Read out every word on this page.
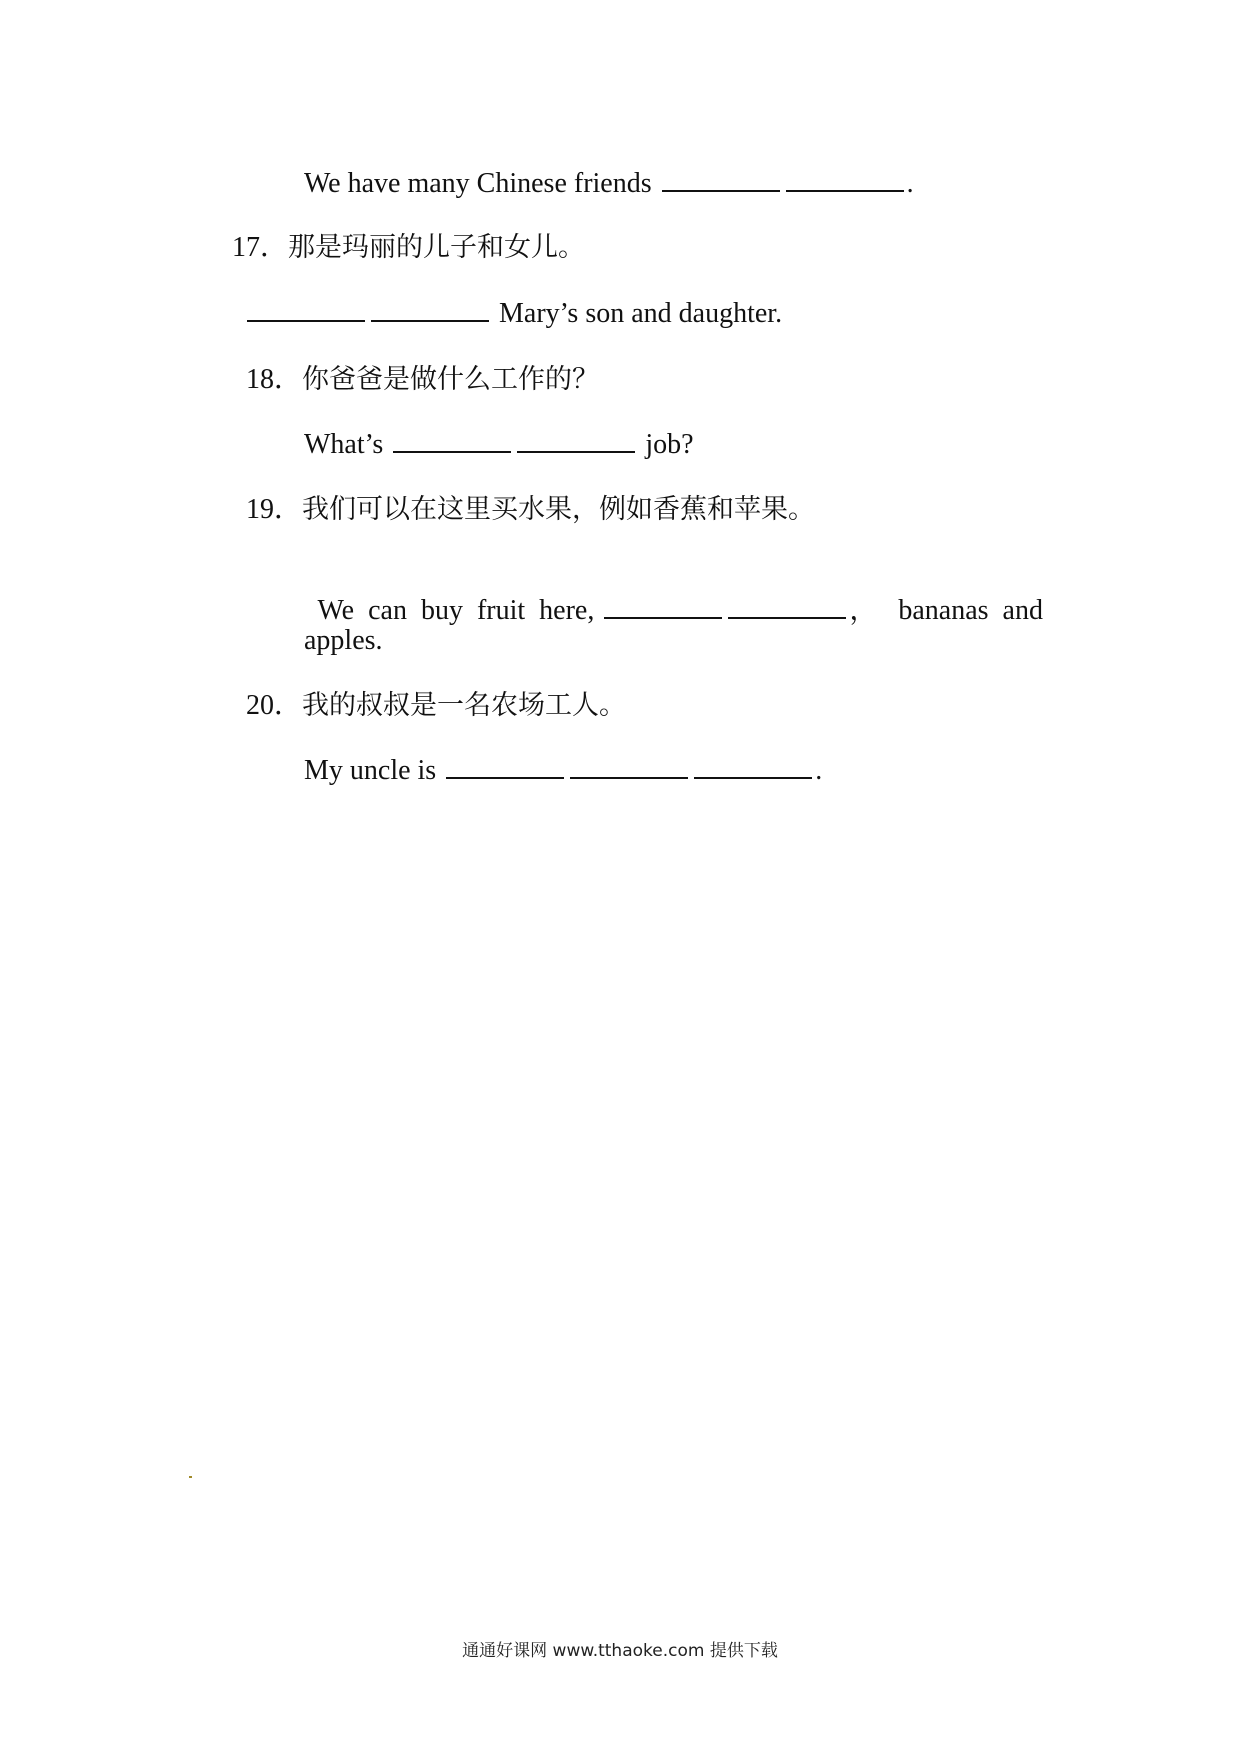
We have many Chinese friends	.
17．那是玛丽的儿子和女儿。
Mary’s son and daughter.
18．你爸爸是做什么工作的？
What’s	job?
19．我们可以在这里买水果，例如香蕉和苹果。

We  can  buy  fruit  here,	，   bananas  and

apples.
20．我的叔叔是一名农场工人。
My uncle is	.
通通好课网 www.tthaoke.com 提供下载
